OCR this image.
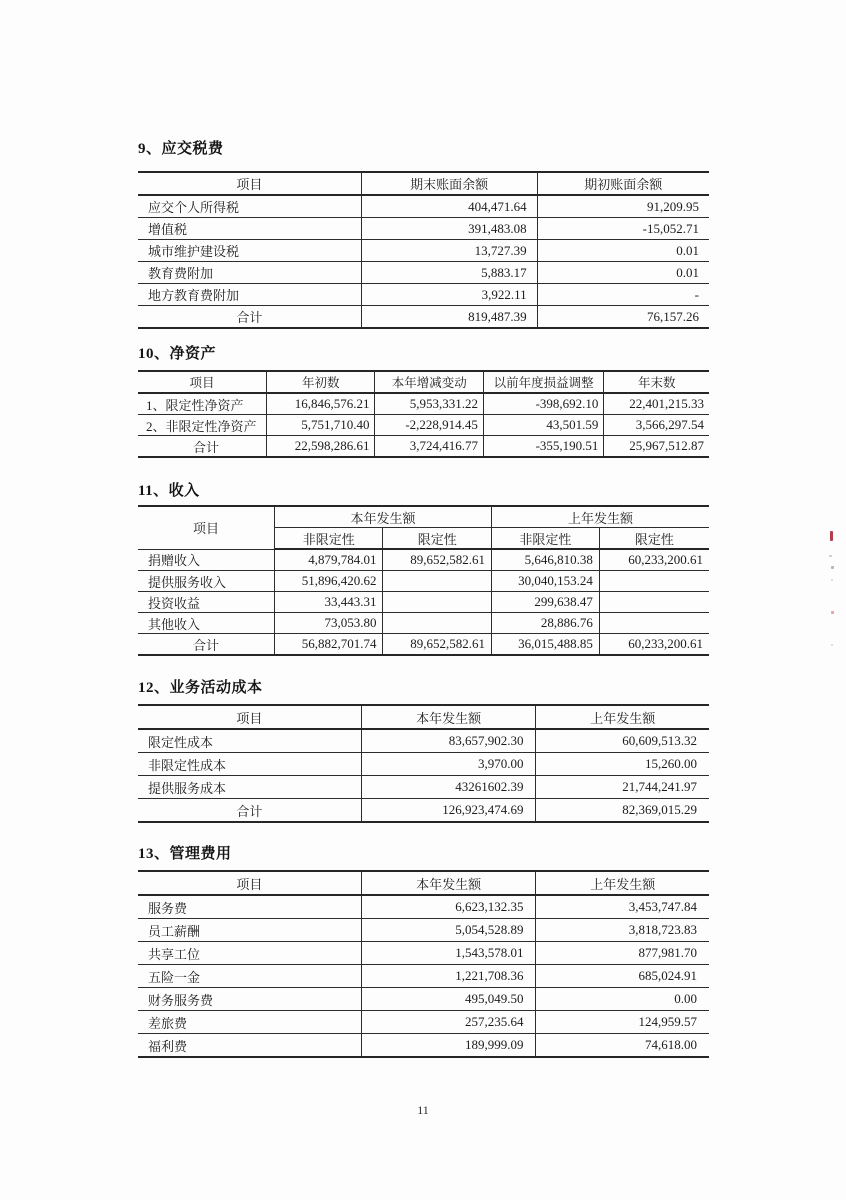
9、应交税费
项目	期末账面余额	期初账面余额
应交个人所得税	404,471.64	91,209.95
增值税	391,483.08	-15,052.71
城市维护建设税	13,727.39	0.01
教育费附加	5,883.17	0.01
地方教育费附加	3,922.11	-
合计	819,487.39	76,157.26
10、净资产
项目	年初数	本年增减变动	以前年度损益调整	年末数
1、限定性净资产	16,846,576.21	5,953,331.22	-398,692.10	22,401,215.33
2、非限定性净资产	5,751,710.40	-2,228,914.45	43,501.59	3,566,297.54
合计	22,598,286.61	3,724,416.77	-355,190.51	25,967,512.87
11、收入
项目	本年发生额		上年发生额	
	非限定性	限定性	非限定性	限定性
捐赠收入	4,879,784.01	89,652,582.61	5,646,810.38	60,233,200.61
提供服务收入	51,896,420.62		30,040,153.24	
投资收益	33,443.31		299,638.47	
其他收入	73,053.80		28,886.76	
合计	56,882,701.74	89,652,582.61	36,015,488.85	60,233,200.61
12、业务活动成本
项目	本年发生额	上年发生额
限定性成本	83,657,902.30	60,609,513.32
非限定性成本	3,970.00	15,260.00
提供服务成本	43261602.39	21,744,241.97
合计	126,923,474.69	82,369,015.29
13、管理费用
项目	本年发生额	上年发生额
服务费	6,623,132.35	3,453,747.84
员工薪酬	5,054,528.89	3,818,723.83
共享工位	1,543,578.01	877,981.70
五险一金	1,221,708.36	685,024.91
财务服务费	495,049.50	0.00
差旅费	257,235.64	124,959.57
福利费	189,999.09	74,618.00
11
